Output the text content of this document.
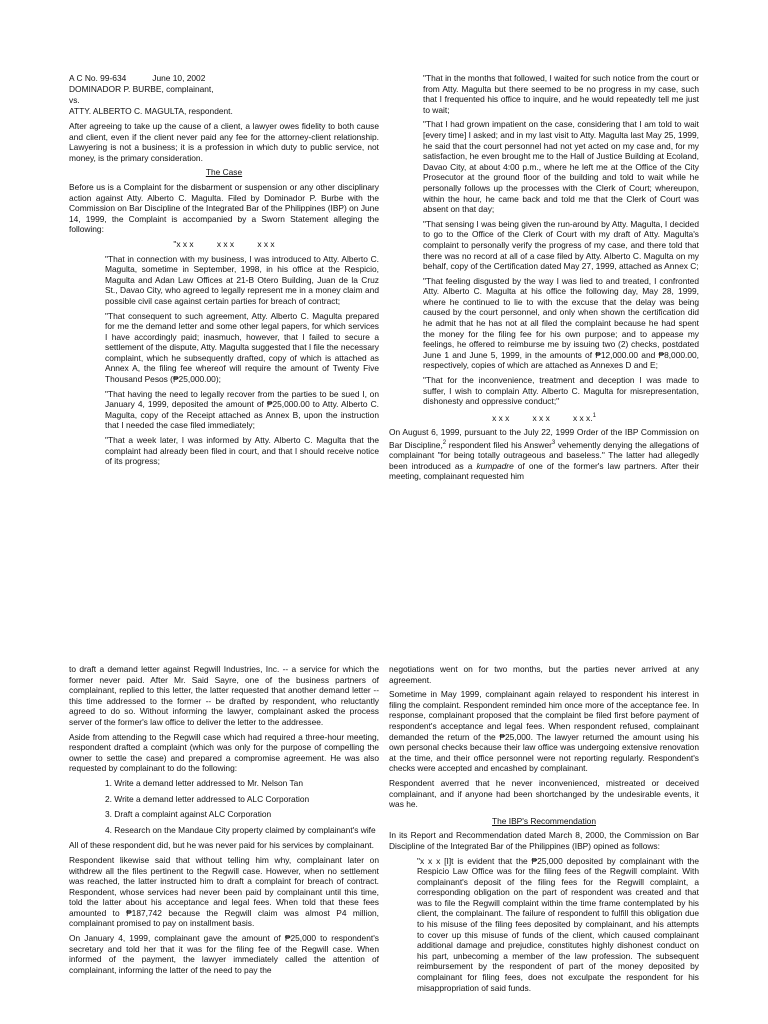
A C No. 99-634	June 10, 2002
DOMINADOR P. BURBE, complainant,
vs.
ATTY. ALBERTO C. MAGULTA, respondent.

After agreeing to take up the cause of a client, a lawyer owes fidelity to both cause and client, even if the client never paid any fee for the attorney-client relationship. Lawyering is not a business; it is a profession in which duty to public service, not money, is the primary consideration.

The Case

Before us is a Complaint for the disbarment or suspension or any other disciplinary action against Atty. Alberto C. Magulta. Filed by Dominador P. Burbe with the Commission on Bar Discipline of the Integrated Bar of the Philippines (IBP) on June 14, 1999, the Complaint is accompanied by a Sworn Statement alleging the following:

"x x x          x x x          x x x

"That in connection with my business, I was introduced to Atty. Alberto C. Magulta, sometime in September, 1998, in his office at the Respicio, Magulta and Adan Law Offices at 21-B Otero Building, Juan de la Cruz St., Davao City, who agreed to legally represent me in a money claim and possible civil case against certain parties for breach of contract;

"That consequent to such agreement, Atty. Alberto C. Magulta prepared for me the demand letter and some other legal papers, for which services I have accordingly paid; inasmuch, however, that I failed to secure a settlement of the dispute, Atty. Magulta suggested that I file the necessary complaint, which he subsequently drafted, copy of which is attached as Annex A, the filing fee whereof will require the amount of Twenty Five Thousand Pesos (₱25,000.00);

"That having the need to legally recover from the parties to be sued I, on January 4, 1999, deposited the amount of ₱25,000.00 to Atty. Alberto C. Magulta, copy of the Receipt attached as Annex B, upon the instruction that I needed the case filed immediately;

"That a week later, I was informed by Atty. Alberto C. Magulta that the complaint had already been filed in court, and that I should receive notice of its progress;

"That in the months that followed, I waited for such notice from the court or from Atty. Magulta but there seemed to be no progress in my case, such that I frequented his office to inquire, and he would repeatedly tell me just to wait;

"That I had grown impatient on the case, considering that I am told to wait [every time] I asked; and in my last visit to Atty. Magulta last May 25, 1999, he said that the court personnel had not yet acted on my case and, for my satisfaction, he even brought me to the Hall of Justice Building at Ecoland, Davao City, at about 4:00 p.m., where he left me at the Office of the City Prosecutor at the ground floor of the building and told to wait while he personally follows up the processes with the Clerk of Court; whereupon, within the hour, he came back and told me that the Clerk of Court was absent on that day;

"That sensing I was being given the run-around by Atty. Magulta, I decided to go to the Office of the Clerk of Court with my draft of Atty. Magulta's complaint to personally verify the progress of my case, and there told that there was no record at all of a case filed by Atty. Alberto C. Magulta on my behalf, copy of the Certification dated May 27, 1999, attached as Annex C;

"That feeling disgusted by the way I was lied to and treated, I confronted Atty. Alberto C. Magulta at his office the following day, May 28, 1999, where he continued to lie to with the excuse that the delay was being caused by the court personnel, and only when shown the certification did he admit that he has not at all filed the complaint because he had spent the money for the filing fee for his own purpose; and to appease my feelings, he offered to reimburse me by issuing two (2) checks, postdated June 1 and June 5, 1999, in the amounts of ₱12,000.00 and ₱8,000.00, respectively, copies of which are attached as Annexes D and E;

"That for the inconvenience, treatment and deception I was made to suffer, I wish to complain Atty. Alberto C. Magulta for misrepresentation, dishonesty and oppressive conduct;"

x x x          x x x          x x x.$^1$

On August 6, 1999, pursuant to the July 22, 1999 Order of the IBP Commission on Bar Discipline,$^2$ respondent filed his Answer$^3$ vehemently denying the allegations of complainant "for being totally outrageous and baseless." The latter had allegedly been introduced as a kumpadre of one of the former's law partners. After their meeting, complainant requested him

to draft a demand letter against Regwill Industries, Inc. -- a service for which the former never paid. After Mr. Said Sayre, one of the business partners of complainant, replied to this letter, the latter requested that another demand letter -- this time addressed to the former -- be drafted by respondent, who reluctantly agreed to do so. Without informing the lawyer, complainant asked the process server of the former's law office to deliver the letter to the addressee.

Aside from attending to the Regwill case which had required a three-hour meeting, respondent drafted a complaint (which was only for the purpose of compelling the owner to settle the case) and prepared a compromise agreement. He was also requested by complainant to do the following:

1. Write a demand letter addressed to Mr. Nelson Tan
2. Write a demand letter addressed to ALC Corporation
3. Draft a complaint against ALC Corporation
4. Research on the Mandaue City property claimed by complainant's wife

All of these respondent did, but he was never paid for his services by complainant.

Respondent likewise said that without telling him why, complainant later on withdrew all the files pertinent to the Regwill case. However, when no settlement was reached, the latter instructed him to draft a complaint for breach of contract. Respondent, whose services had never been paid by complainant until this time, told the latter about his acceptance and legal fees. When told that these fees amounted to ₱187,742 because the Regwill claim was almost P4 million, complainant promised to pay on installment basis.

On January 4, 1999, complainant gave the amount of ₱25,000 to respondent's secretary and told her that it was for the filing fee of the Regwill case. When informed of the payment, the lawyer immediately called the attention of complainant, informing the latter of the need to pay the

negotiations went on for two months, but the parties never arrived at any agreement.

Sometime in May 1999, complainant again relayed to respondent his interest in filing the complaint. Respondent reminded him once more of the acceptance fee. In response, complainant proposed that the complaint be filed first before payment of respondent's acceptance and legal fees. When respondent refused, complainant demanded the return of the ₱25,000. The lawyer returned the amount using his own personal checks because their law office was undergoing extensive renovation at the time, and their office personnel were not reporting regularly. Respondent's checks were accepted and encashed by complainant.

Respondent averred that he never inconvenienced, mistreated or deceived complainant, and if anyone had been shortchanged by the undesirable events, it was he.

The IBP's Recommendation

In its Report and Recommendation dated March 8, 2000, the Commission on Bar Discipline of the Integrated Bar of the Philippines (IBP) opined as follows:

"x x x [I]t is evident that the ₱25,000 deposited by complainant with the Respicio Law Office was for the filing fees of the Regwill complaint. With complainant's deposit of the filing fees for the Regwill complaint, a corresponding obligation on the part of respondent was created and that was to file the Regwill complaint within the time frame contemplated by his client, the complainant. The failure of respondent to fulfill this obligation due to his misuse of the filing fees deposited by complainant, and his attempts to cover up this misuse of funds of the client, which caused complainant additional damage and prejudice, constitutes highly dishonest conduct on his part, unbecoming a member of the law profession. The subsequent reimbursement by the respondent of part of the money deposited by complainant for filing fees, does not exculpate the respondent for his misappropriation of said funds.
